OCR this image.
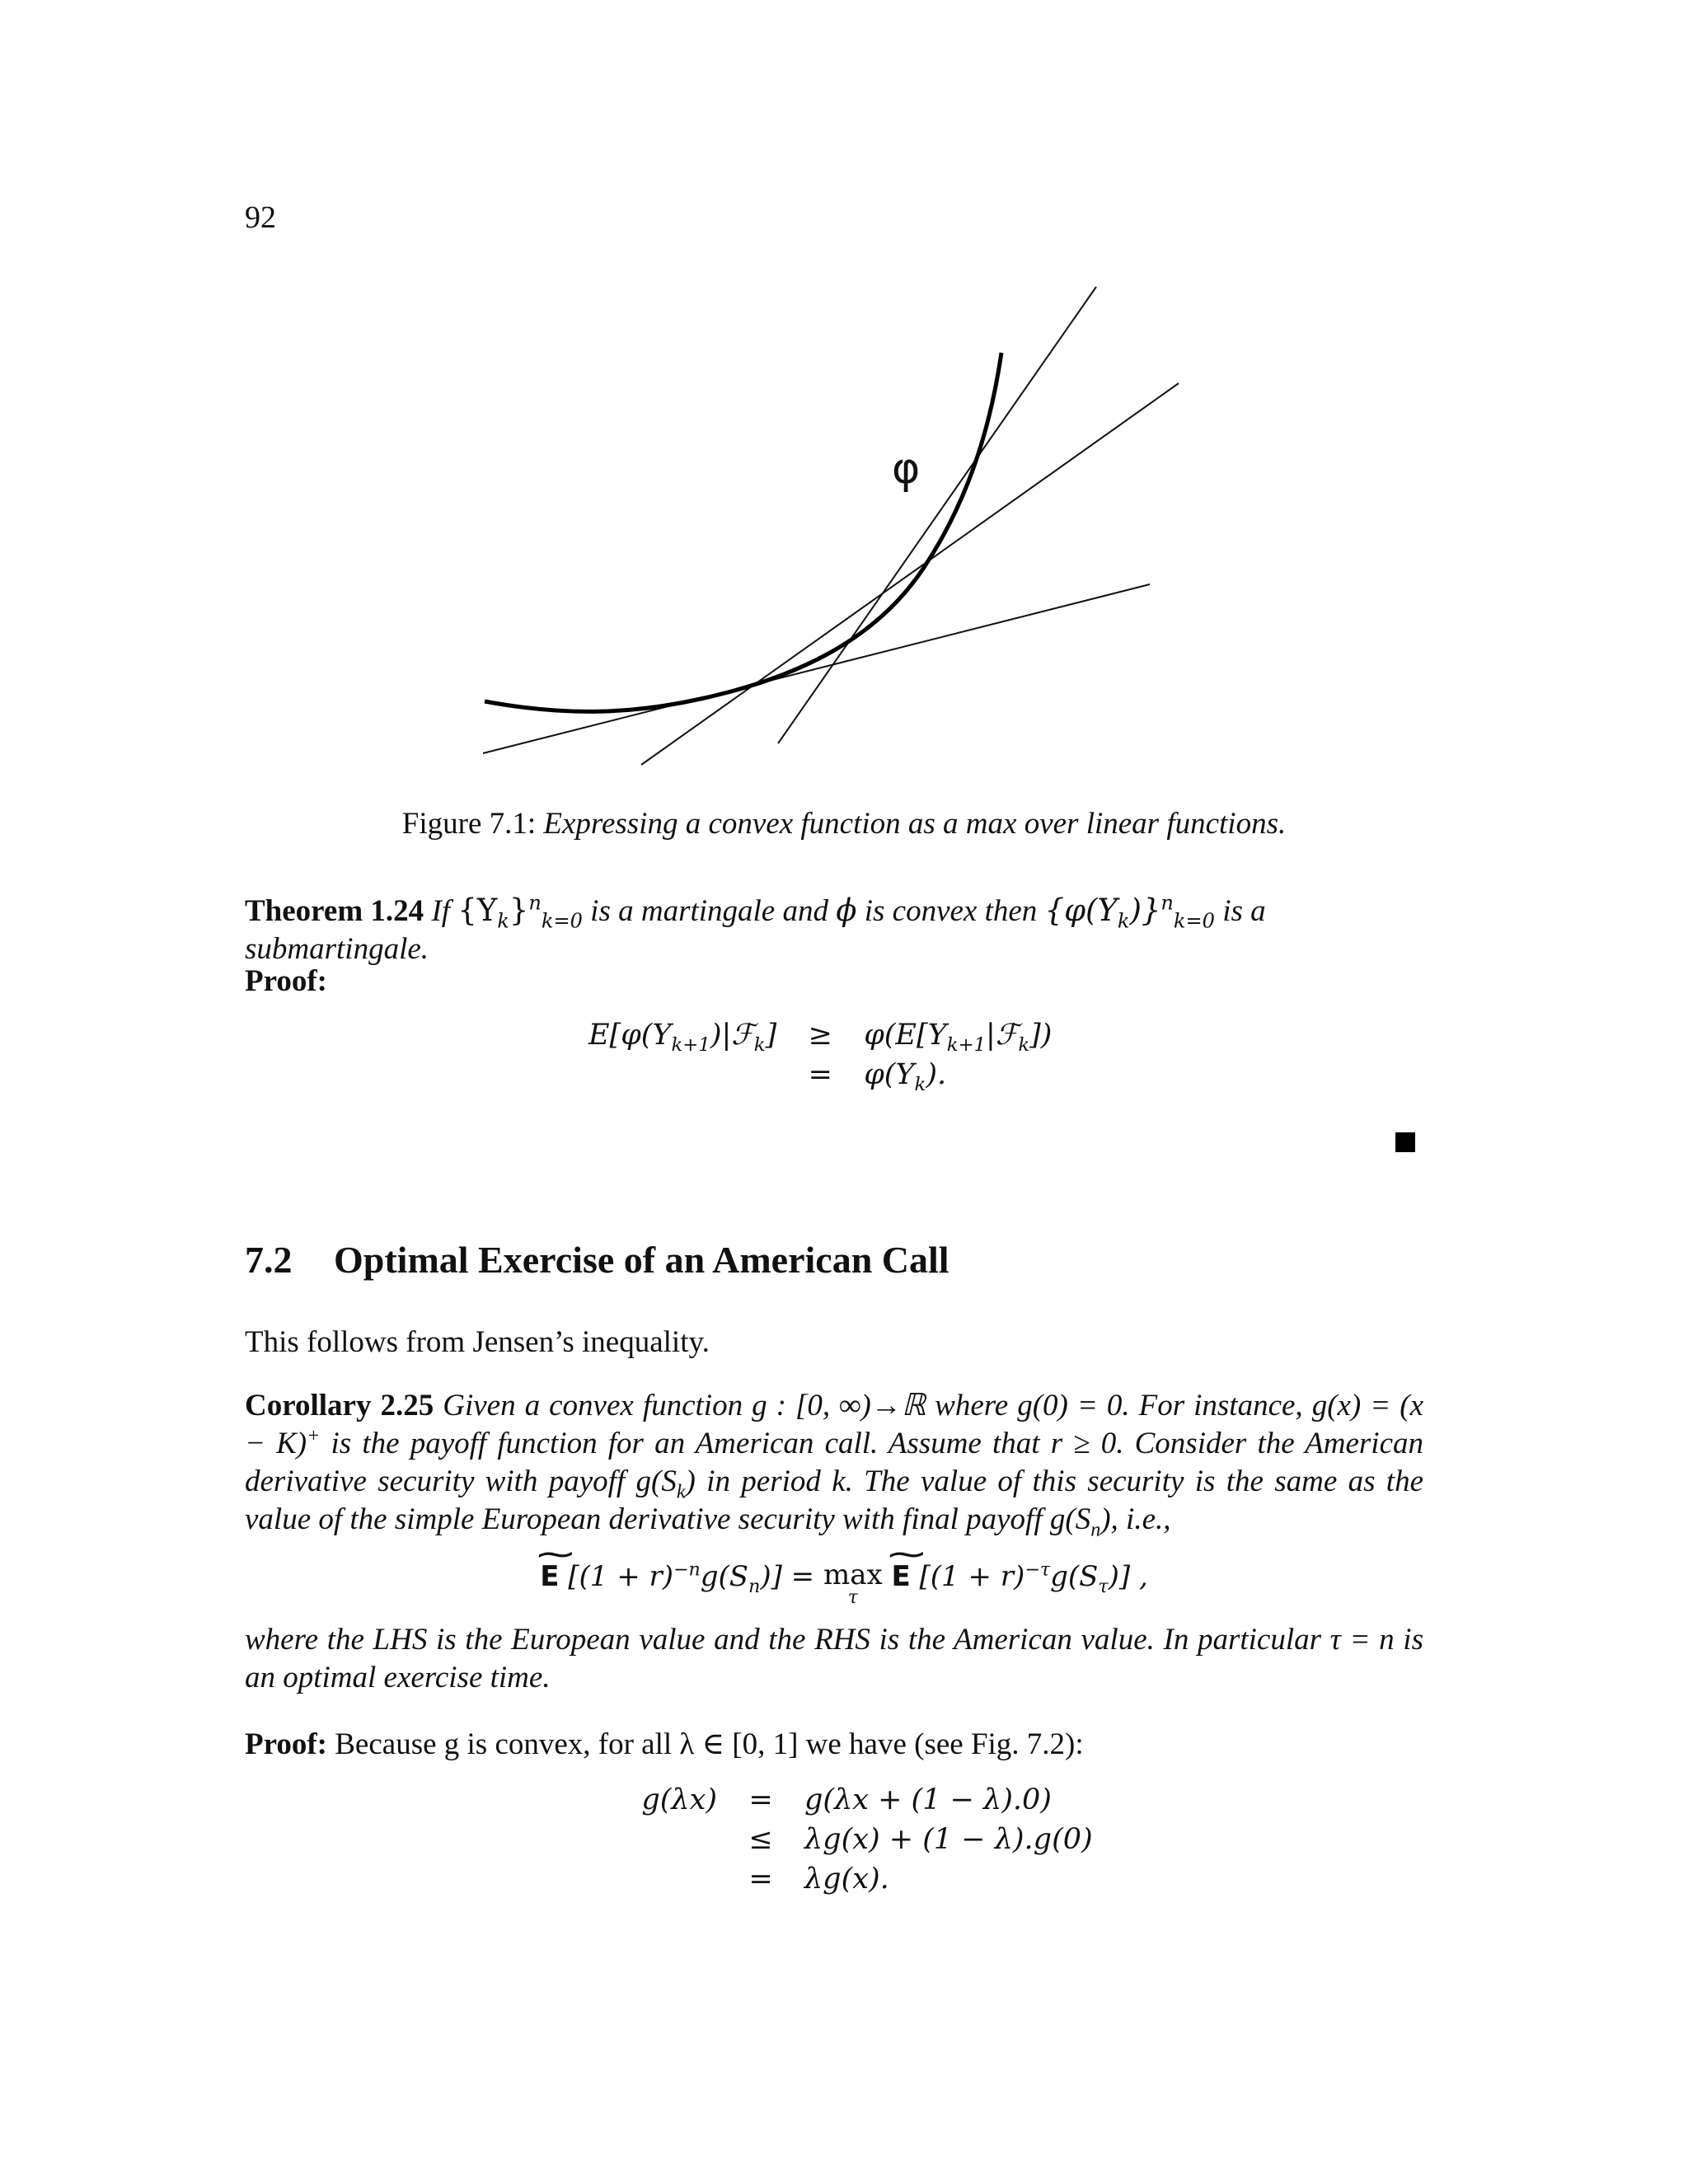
92
φ
Figure 7.1: Expressing a convex function as a max over linear functions.
Theorem 1.24 If $\{Y_k\}^n_{k=0}$ is a martingale and ϕ is convex then $\{\varphi(Y_k)\}^n_{k=0}$ is a submartingale.
Proof:
$E[\varphi(Y_{k+1})|ℱ_k]$	≥	$\varphi(E[Y_{k+1}|ℱ_k])$
	=	$\varphi(Y_k)$.
7.2 Optimal Exercise of an American Call
This follows from Jensen’s inequality.
Corollary 2.25 Given a convex function g : [0, ∞)→ℝ where g(0) = 0. For instance, g(x) = (x − K)+ is the payoff function for an American call. Assume that r ≥ 0. Consider the American derivative security with payoff $g(S_k)$ in period k. The value of this security is the same as the value of the simple European derivative security with final payoff $g(S_n)$, i.e.,
~ E $[(1 + r)^{-n}g(S_n)] = \max$
τ
~ E $[(1 + r)^{-\tau}g(S_\tau)]$ ,
where the LHS is the European value and the RHS is the American value. In particular τ = n is an optimal exercise time.
Proof: Because g is convex, for all λ ∈ [0, 1] we have (see Fig. 7.2):
g(λx)	=	g(λx + (1 − λ).0)
	≤	λg(x) + (1 − λ).g(0)
	=	λg(x).
